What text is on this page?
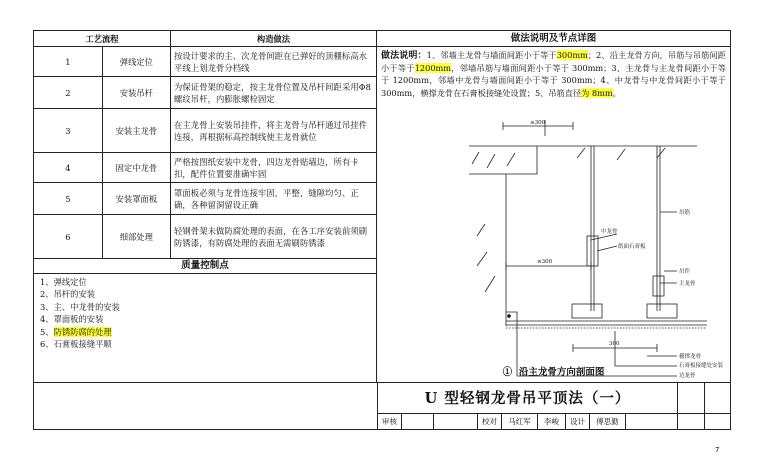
工艺流程		构造做法
1	弹线定位	按设计要求的主、次龙骨间距在已弹好的顶棚标高水平线上划龙骨分档线
2	安装吊杆	为保证骨架的稳定，按主龙骨位置及吊杆间距采用Φ8 螺纹吊杆，内膨胀螺栓固定
3	安装主龙骨	在主龙骨上安装吊挂件，将主龙骨与吊杆通过吊挂件连接，再根据标高控制线使主龙骨就位
4	固定中龙骨	严格按图纸安装中龙骨，四边龙骨贴墙边，所有卡扣，配件位置要准确牢固
5	安装罩面板	罩面板必须与龙骨连接牢固，平整，缝隙均匀、正确，各种留洞留设正确
6	细部处理	轻钢骨架未做防腐处理的表面，在各工序安装前须刷防锈漆，有防腐处理的表面无需刷防锈漆
质量控制点
1、弹线定位
2、吊杆的安装
3、主、中龙骨的安装
4、罩面板的安装
5、防锈防腐的处理
6、石膏板接缝平顺
做法说明及节点详图
做法说明：1、邻墙主龙骨与墙面间距小于等于300mm；2、沿主龙骨方向，吊筋与吊筋间距小于等于1200mm，邻墙吊筋与墙面间距小于等于 300mm；3、主龙骨与主龙骨间距小于等于 1200mm，邻墙中龙骨与墙面间距小于等于 300mm；4、中龙骨与中龙骨间距小于等于 300mm，横撑龙骨在石膏板接缝处设置；5、吊筋直径为 8mm。
≤300
≤300
300
吊筋
中龙骨
纸面石膏板
吊件
主龙骨
横撑龙骨
石膏板接缝处安装
边龙骨
① 沿主龙骨方向剖面图
U 型轻钢龙骨吊平顶法（一）
审核	校对	马红军	李峻	设计	傅思勤
7
